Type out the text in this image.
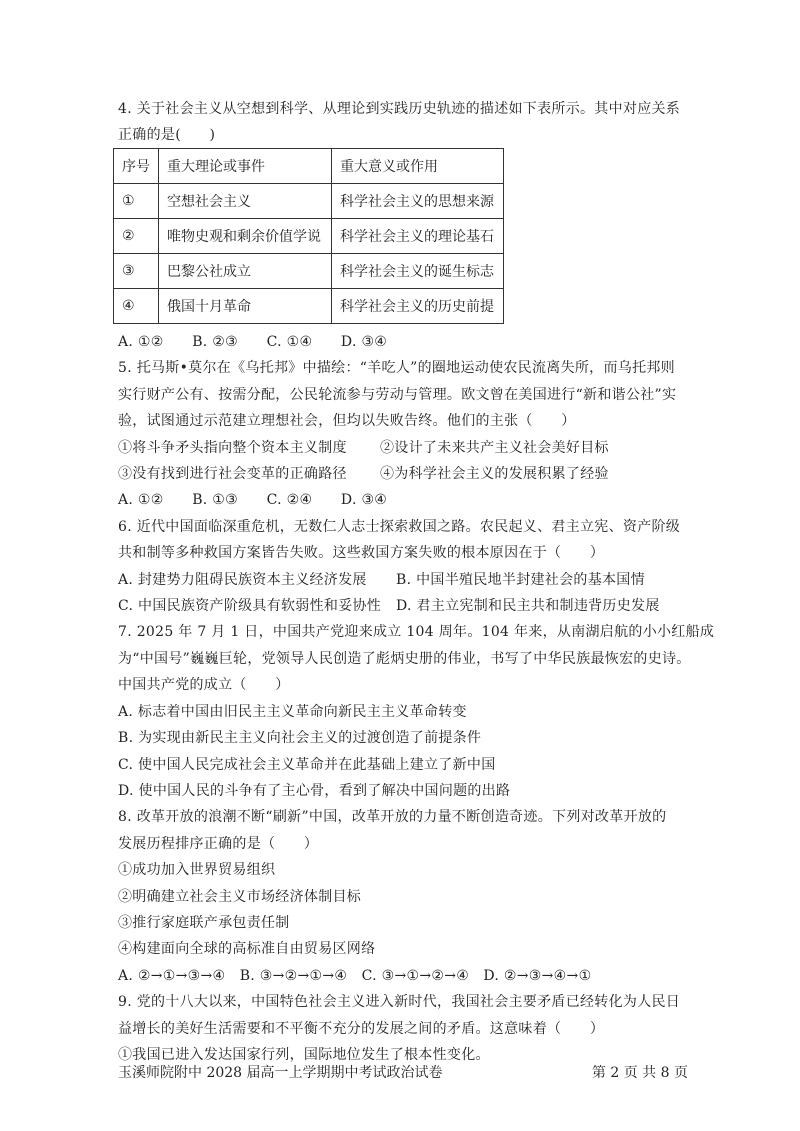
4. 关于社会主义从空想到科学、从理论到实践历史轨迹的描述如下表所示。其中对应关系
正确的是(　　)
序号	重大理论或事件	重大意义或作用
①	空想社会主义	科学社会主义的思想来源
②	唯物史观和剩余价值学说	科学社会主义的理论基石
③	巴黎公社成立	科学社会主义的诞生标志
④	俄国十月革命	科学社会主义的历史前提
A. ①②　　B. ②③　　C. ①④　　D. ③④
5. 托马斯•莫尔在《乌托邦》中描绘：“羊吃人”的圈地运动使农民流离失所，而乌托邦则
实行财产公有、按需分配，公民轮流参与劳动与管理。欧文曾在美国进行“新和谐公社”实
验，试图通过示范建立理想社会，但均以失败告终。他们的主张（　　）
①将斗争矛头指向整个资本主义制度	②设计了未来共产主义社会美好目标
③没有找到进行社会变革的正确路径	④为科学社会主义的发展积累了经验
A. ①②　　B. ①③　　C. ②④　　D. ③④
6. 近代中国面临深重危机，无数仁人志士探索救国之路。农民起义、君主立宪、资产阶级
共和制等多种救国方案皆告失败。这些救国方案失败的根本原因在于（　　）
A. 封建势力阻碍民族资本主义经济发展	B. 中国半殖民地半封建社会的基本国情
C. 中国民族资产阶级具有软弱性和妥协性	D. 君主立宪制和民主共和制违背历史发展
7. 2025 年 7 月 1 日，中国共产党迎来成立 104 周年。104 年来，从南湖启航的小小红船成
为“中国号”巍巍巨轮，党领导人民创造了彪炳史册的伟业，书写了中华民族最恢宏的史诗。
中国共产党的成立（　　）
A. 标志着中国由旧民主主义革命向新民主主义革命转变
B. 为实现由新民主主义向社会主义的过渡创造了前提条件
C. 使中国人民完成社会主义革命并在此基础上建立了新中国
D. 使中国人民的斗争有了主心骨，看到了解决中国问题的出路
8. 改革开放的浪潮不断“刷新”中国，改革开放的力量不断创造奇迹。下列对改革开放的
发展历程排序正确的是（　　）
①成功加入世界贸易组织
②明确建立社会主义市场经济体制目标
③推行家庭联产承包责任制
④构建面向全球的高标准自由贸易区网络
A. ②→①→③→④　B. ③→②→①→④　C. ③→①→②→④　D. ②→③→④→①
9. 党的十八大以来，中国特色社会主义进入新时代，我国社会主要矛盾已经转化为人民日
益增长的美好生活需要和不平衡不充分的发展之间的矛盾。这意味着（　　）
①我国已进入发达国家行列，国际地位发生了根本性变化。
玉溪师院附中 2028 届高一上学期期中考试政治试卷	第 2 页 共 8 页
